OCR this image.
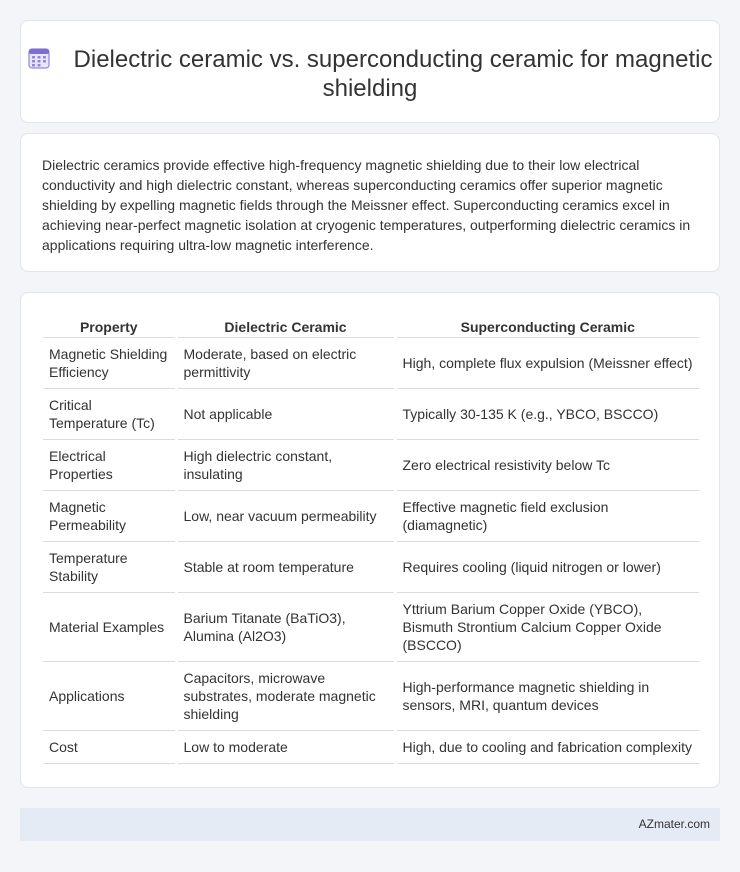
Dielectric ceramic vs. superconducting ceramic for magnetic shielding

Dielectric ceramics provide effective high-frequency magnetic shielding due to their low electrical conductivity and high dielectric constant, whereas superconducting ceramics offer superior magnetic shielding by expelling magnetic fields through the Meissner effect. Superconducting ceramics excel in achieving near-perfect magnetic isolation at cryogenic temperatures, outperforming dielectric ceramics in applications requiring ultra-low magnetic interference.

Property	Dielectric Ceramic	Superconducting Ceramic
Magnetic Shielding Efficiency	Moderate, based on electric permittivity	High, complete flux expulsion (Meissner effect)
Critical Temperature (Tc)	Not applicable	Typically 30-135 K (e.g., YBCO, BSCCO)
Electrical Properties	High dielectric constant, insulating	Zero electrical resistivity below Tc
Magnetic Permeability	Low, near vacuum permeability	Effective magnetic field exclusion (diamagnetic)
Temperature Stability	Stable at room temperature	Requires cooling (liquid nitrogen or lower)
Material Examples	Barium Titanate (BaTiO3), Alumina (Al2O3)	Yttrium Barium Copper Oxide (YBCO), Bismuth Strontium Calcium Copper Oxide (BSCCO)
Applications	Capacitors, microwave substrates, moderate magnetic shielding	High-performance magnetic shielding in sensors, MRI, quantum devices
Cost	Low to moderate	High, due to cooling and fabrication complexity
AZmater.com
